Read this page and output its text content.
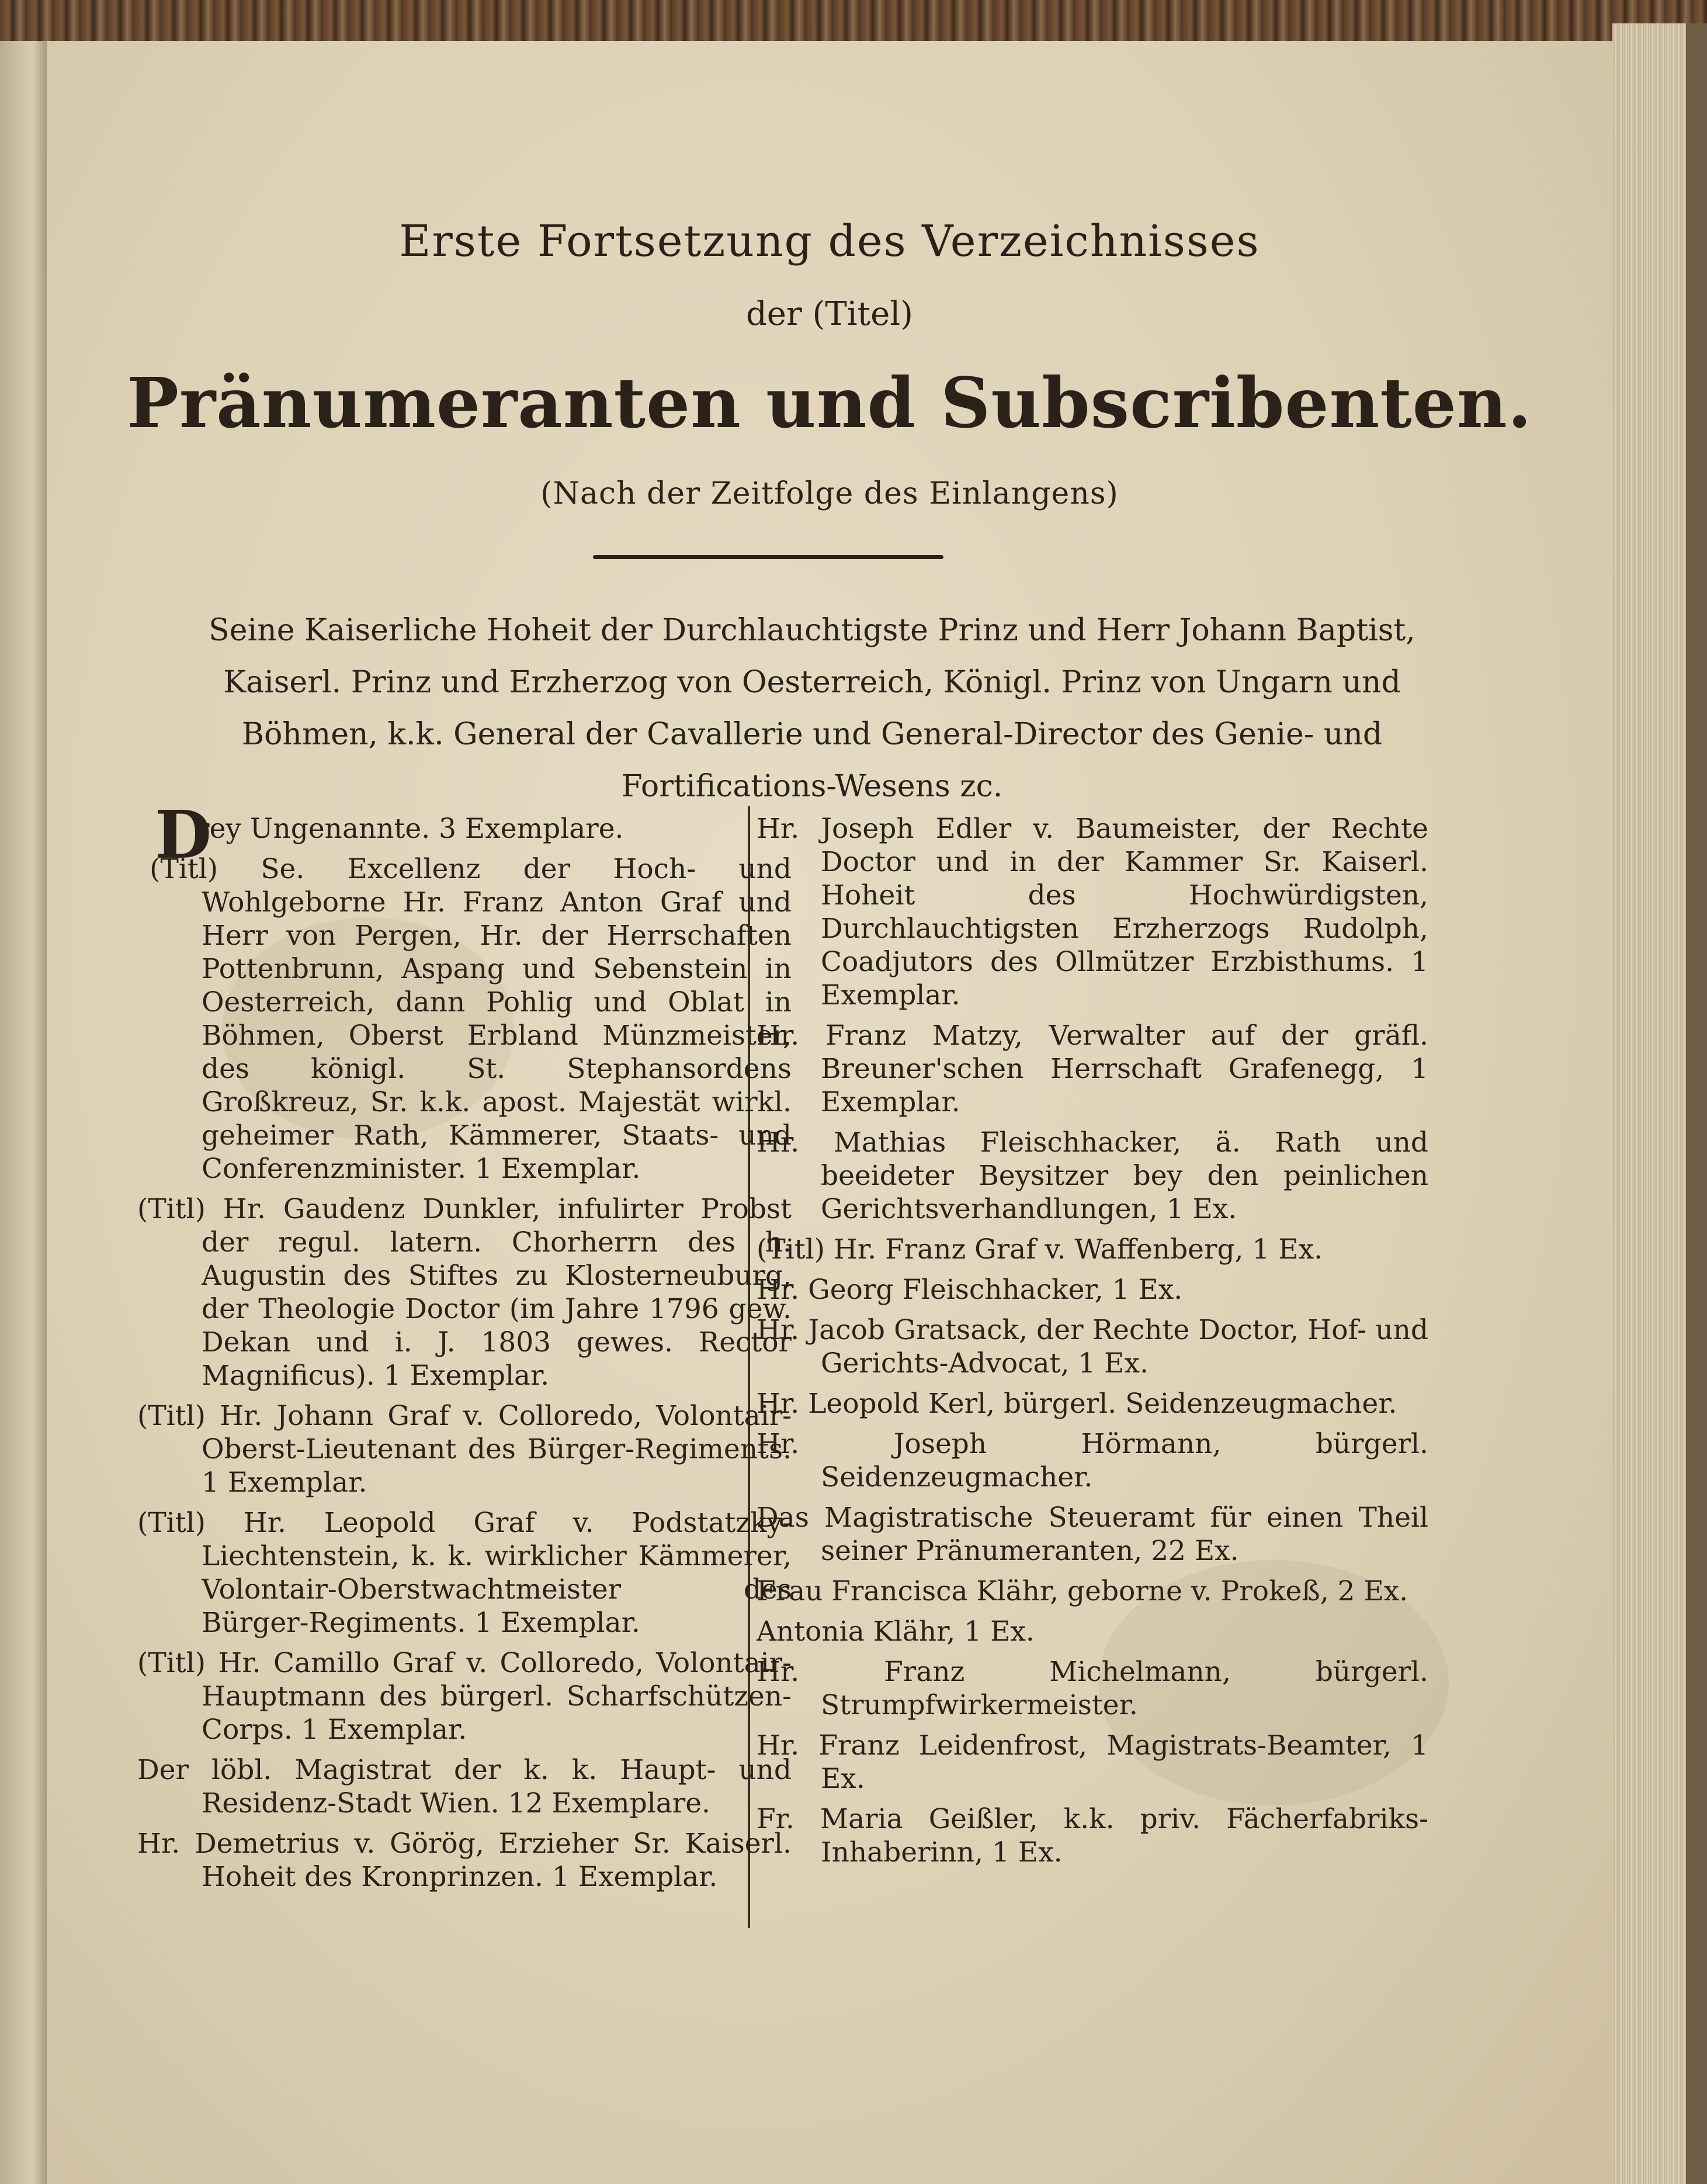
Erste Fortsetzung des Verzeichnisses
der (Titel)
Pränumeranten und Subscribenten.
(Nach der Zeitfolge des Einlangens)
Seine Kaiserliche Hoheit der Durchlauchtigste Prinz und Herr Johann Baptist, Kaiserl. Prinz und Erzherzog von Oesterreich, Königl. Prinz von Ungarn und Böhmen, k.k. General der Cavallerie und General-Director des Genie- und Fortifications-Wesens zc.
D
rey Ungenannte. 3 Exemplare.
(Titl) Se. Excellenz der Hoch- und Wohlgeborne Hr. Franz Anton Graf und Herr von Pergen, Hr. der Herrschaften Pottenbrunn, Aspang und Sebenstein in Oesterreich, dann Pohlig und Oblat in Böhmen, Oberst Erbland Münzmeister, des königl. St. Stephansordens Großkreuz, Sr. k.k. apost. Majestät wirkl. geheimer Rath, Kämmerer, Staats- und Conferenzminister. 1 Exemplar.
(Titl) Hr. Gaudenz Dunkler, infulirter Probst der regul. latern. Chorherrn des h. Augustin des Stiftes zu Klosterneuburg, der Theologie Doctor (im Jahre 1796 gew. Dekan und i. J. 1803 gewes. Rector Magnificus). 1 Exemplar.
(Titl) Hr. Johann Graf v. Colloredo, Volontair-Oberst-Lieutenant des Bürger-Regiments. 1 Exemplar.
(Titl) Hr. Leopold Graf v. Podstatzky-Liechtenstein, k. k. wirklicher Kämmerer, Volontair-Oberstwachtmeister des Bürger-Regiments. 1 Exemplar.
(Titl) Hr. Camillo Graf v. Colloredo, Volontair-Hauptmann des bürgerl. Scharfschützen-Corps. 1 Exemplar.
Der löbl. Magistrat der k. k. Haupt- und Residenz-Stadt Wien. 12 Exemplare.
Hr. Demetrius v. Görög, Erzieher Sr. Kaiserl. Hoheit des Kronprinzen. 1 Exemplar.
Hr. Joseph Edler v. Baumeister, der Rechte Doctor und in der Kammer Sr. Kaiserl. Hoheit des Hochwürdigsten, Durchlauchtigsten Erzherzogs Rudolph, Coadjutors des Ollmützer Erzbisthums. 1 Exemplar.
Hr. Franz Matzy, Verwalter auf der gräfl. Breuner'schen Herrschaft Grafenegg, 1 Exemplar.
Hr. Mathias Fleischhacker, ä. Rath und beeideter Beysitzer bey den peinlichen Gerichtsverhandlungen, 1 Ex.
(Titl) Hr. Franz Graf v. Waffenberg, 1 Ex.
Hr. Georg Fleischhacker, 1 Ex.
Hr. Jacob Gratsack, der Rechte Doctor, Hof- und Gerichts-Advocat, 1 Ex.
Hr. Leopold Kerl, bürgerl. Seidenzeugmacher.
Hr. Joseph Hörmann, bürgerl. Seidenzeugmacher.
Das Magistratische Steueramt für einen Theil seiner Pränumeranten, 22 Ex.
Frau Francisca Klähr, geborne v. Prokeß, 2 Ex.
Antonia Klähr, 1 Ex.
Hr. Franz Michelmann, bürgerl. Strumpfwirkermeister.
Hr. Franz Leidenfrost, Magistrats-Beamter, 1 Ex.
Fr. Maria Geißler, k.k. priv. Fächerfabriks-Inhaberinn, 1 Ex.
